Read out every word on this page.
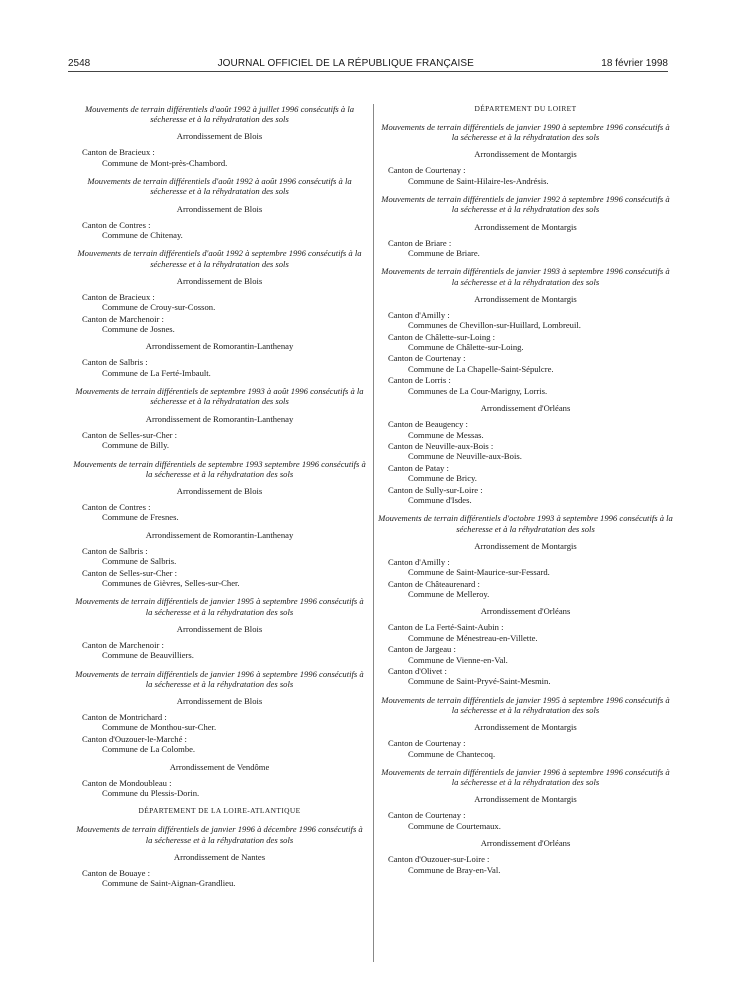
2548	JOURNAL OFFICIEL DE LA RÉPUBLIQUE FRANÇAISE	18 février 1998
Mouvements de terrain différentiels d'août 1992 à juillet 1996 consécutifs à la sécheresse et à la réhydratation des sols
Arrondissement de Blois
Canton de Bracieux :
Commune de Mont-près-Chambord.
Mouvements de terrain différentiels d'août 1992 à août 1996 consécutifs à la sécheresse et à la réhydratation des sols
Arrondissement de Blois
Canton de Contres :
Commune de Chitenay.
Mouvements de terrain différentiels d'août 1992 à septembre 1996 consécutifs à la sécheresse et à la réhydratation des sols
Arrondissement de Blois
Canton de Bracieux :
Commune de Crouy-sur-Cosson.
Canton de Marchenoir :
Commune de Josnes.
Arrondissement de Romorantin-Lanthenay
Canton de Salbris :
Commune de La Ferté-Imbault.
Mouvements de terrain différentiels de septembre 1993 à août 1996 consécutifs à la sécheresse et à la réhydratation des sols
Arrondissement de Romorantin-Lanthenay
Canton de Selles-sur-Cher :
Commune de Billy.
Mouvements de terrain différentiels de septembre 1993 septembre 1996 consécutifs à la sécheresse et à la réhydratation des sols
Arrondissement de Blois
Canton de Contres :
Commune de Fresnes.
Arrondissement de Romorantin-Lanthenay
Canton de Salbris :
Commune de Salbris.
Canton de Selles-sur-Cher :
Communes de Gièvres, Selles-sur-Cher.
Mouvements de terrain différentiels de janvier 1995 à septembre 1996 consécutifs à la sécheresse et à la réhydratation des sols
Arrondissement de Blois
Canton de Marchenoir :
Commune de Beauvilliers.
Mouvements de terrain différentiels de janvier 1996 à septembre 1996 consécutifs à la sécheresse et à la réhydratation des sols
Arrondissement de Blois
Canton de Montrichard :
Commune de Monthou-sur-Cher.
Canton d'Ouzouer-le-Marché :
Commune de La Colombe.
Arrondissement de Vendôme
Canton de Mondoubleau :
Commune du Plessis-Dorin.
DÉPARTEMENT DE LA LOIRE-ATLANTIQUE
Mouvements de terrain différentiels de janvier 1996 à décembre 1996 consécutifs à la sécheresse et à la réhydratation des sols
Arrondissement de Nantes
Canton de Bouaye :
Commune de Saint-Aignan-Grandlieu.
DÉPARTEMENT DU LOIRET
Mouvements de terrain différentiels de janvier 1990 à septembre 1996 consécutifs à la sécheresse et à la réhydratation des sols
Arrondissement de Montargis
Canton de Courtenay :
Commune de Saint-Hilaire-les-Andrésis.
Mouvements de terrain différentiels de janvier 1992 à septembre 1996 consécutifs à la sécheresse et à la réhydratation des sols
Arrondissement de Montargis
Canton de Briare :
Commune de Briare.
Mouvements de terrain différentiels de janvier 1993 à septembre 1996 consécutifs à la sécheresse et à la réhydratation des sols
Arrondissement de Montargis
Canton d'Amilly :
Communes de Chevillon-sur-Huillard, Lombreuil.
Canton de Châlette-sur-Loing :
Commune de Châlette-sur-Loing.
Canton de Courtenay :
Commune de La Chapelle-Saint-Sépulcre.
Canton de Lorris :
Communes de La Cour-Marigny, Lorris.
Arrondissement d'Orléans
Canton de Beaugency :
Commune de Messas.
Canton de Neuville-aux-Bois :
Commune de Neuville-aux-Bois.
Canton de Patay :
Commune de Bricy.
Canton de Sully-sur-Loire :
Commune d'Isdes.
Mouvements de terrain différentiels d'octobre 1993 à septembre 1996 consécutifs à la sécheresse et à la réhydratation des sols
Arrondissement de Montargis
Canton d'Amilly :
Commune de Saint-Maurice-sur-Fessard.
Canton de Châteaurenard :
Commune de Melleroy.
Arrondissement d'Orléans
Canton de La Ferté-Saint-Aubin :
Commune de Ménestreau-en-Villette.
Canton de Jargeau :
Commune de Vienne-en-Val.
Canton d'Olivet :
Commune de Saint-Pryvé-Saint-Mesmin.
Mouvements de terrain différentiels de janvier 1995 à septembre 1996 consécutifs à la sécheresse et à la réhydratation des sols
Arrondissement de Montargis
Canton de Courtenay :
Commune de Chantecoq.
Mouvements de terrain différentiels de janvier 1996 à septembre 1996 consécutifs à la sécheresse et à la réhydratation des sols
Arrondissement de Montargis
Canton de Courtenay :
Commune de Courtemaux.
Arrondissement d'Orléans
Canton d'Ouzouer-sur-Loire :
Commune de Bray-en-Val.
